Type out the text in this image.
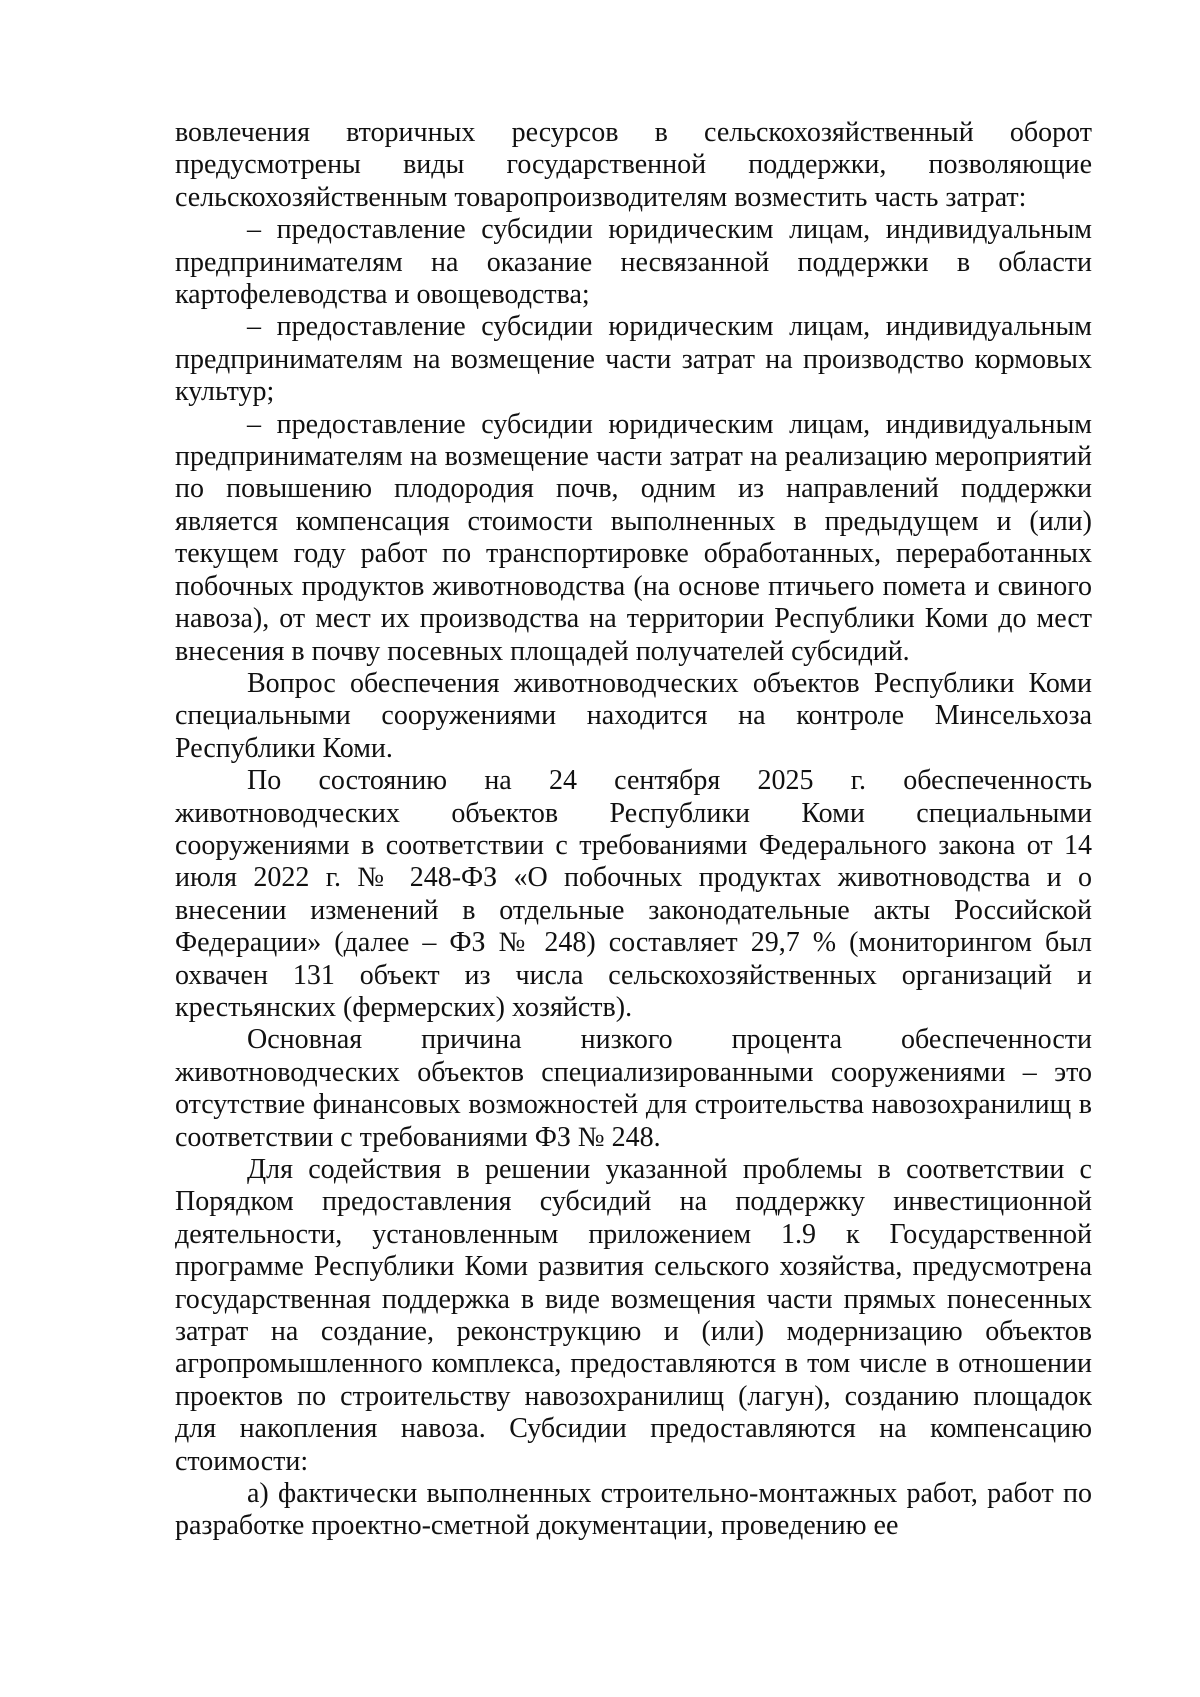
вовлечения вторичных ресурсов в сельскохозяйственный оборот предусмотрены виды государственной поддержки, позволяющие сельскохозяйственным товаропроизводителям возместить часть затрат:

– предоставление субсидии юридическим лицам, индивидуальным предпринимателям на оказание несвязанной поддержки в области картофелеводства и овощеводства;

– предоставление субсидии юридическим лицам, индивидуальным предпринимателям на возмещение части затрат на производство кормовых культур;

– предоставление субсидии юридическим лицам, индивидуальным предпринимателям на возмещение части затрат на реализацию мероприятий по повышению плодородия почв, одним из направлений поддержки является компенсация стоимости выполненных в предыдущем и (или) текущем году работ по транспортировке обработанных, переработанных побочных продуктов животноводства (на основе птичьего помета и свиного навоза), от мест их производства на территории Республики Коми до мест внесения в почву посевных площадей получателей субсидий.

Вопрос обеспечения животноводческих объектов Республики Коми специальными сооружениями находится на контроле Минсельхоза Республики Коми.

По состоянию на 24 сентября 2025 г. обеспеченность животноводческих объектов Республики Коми специальными сооружениями в соответствии с требованиями Федерального закона от 14 июля 2022 г. № 248-ФЗ «О побочных продуктах животноводства и о внесении изменений в отдельные законодательные акты Российской Федерации» (далее – ФЗ № 248) составляет 29,7 % (мониторингом был охвачен 131 объект из числа сельскохозяйственных организаций и крестьянских (фермерских) хозяйств).

Основная причина низкого процента обеспеченности животноводческих объектов специализированными сооружениями – это отсутствие финансовых возможностей для строительства навозохранилищ в соответствии с требованиями ФЗ № 248.

Для содействия в решении указанной проблемы в соответствии с Порядком предоставления субсидий на поддержку инвестиционной деятельности, установленным приложением 1.9 к Государственной программе Республики Коми развития сельского хозяйства, предусмотрена государственная поддержка в виде возмещения части прямых понесенных затрат на создание, реконструкцию и (или) модернизацию объектов агропромышленного комплекса, предоставляются в том числе в отношении проектов по строительству навозохранилищ (лагун), созданию площадок для накопления навоза. Субсидии предоставляются на компенсацию стоимости:

а) фактически выполненных строительно-монтажных работ, работ по разработке проектно-сметной документации, проведению ее
